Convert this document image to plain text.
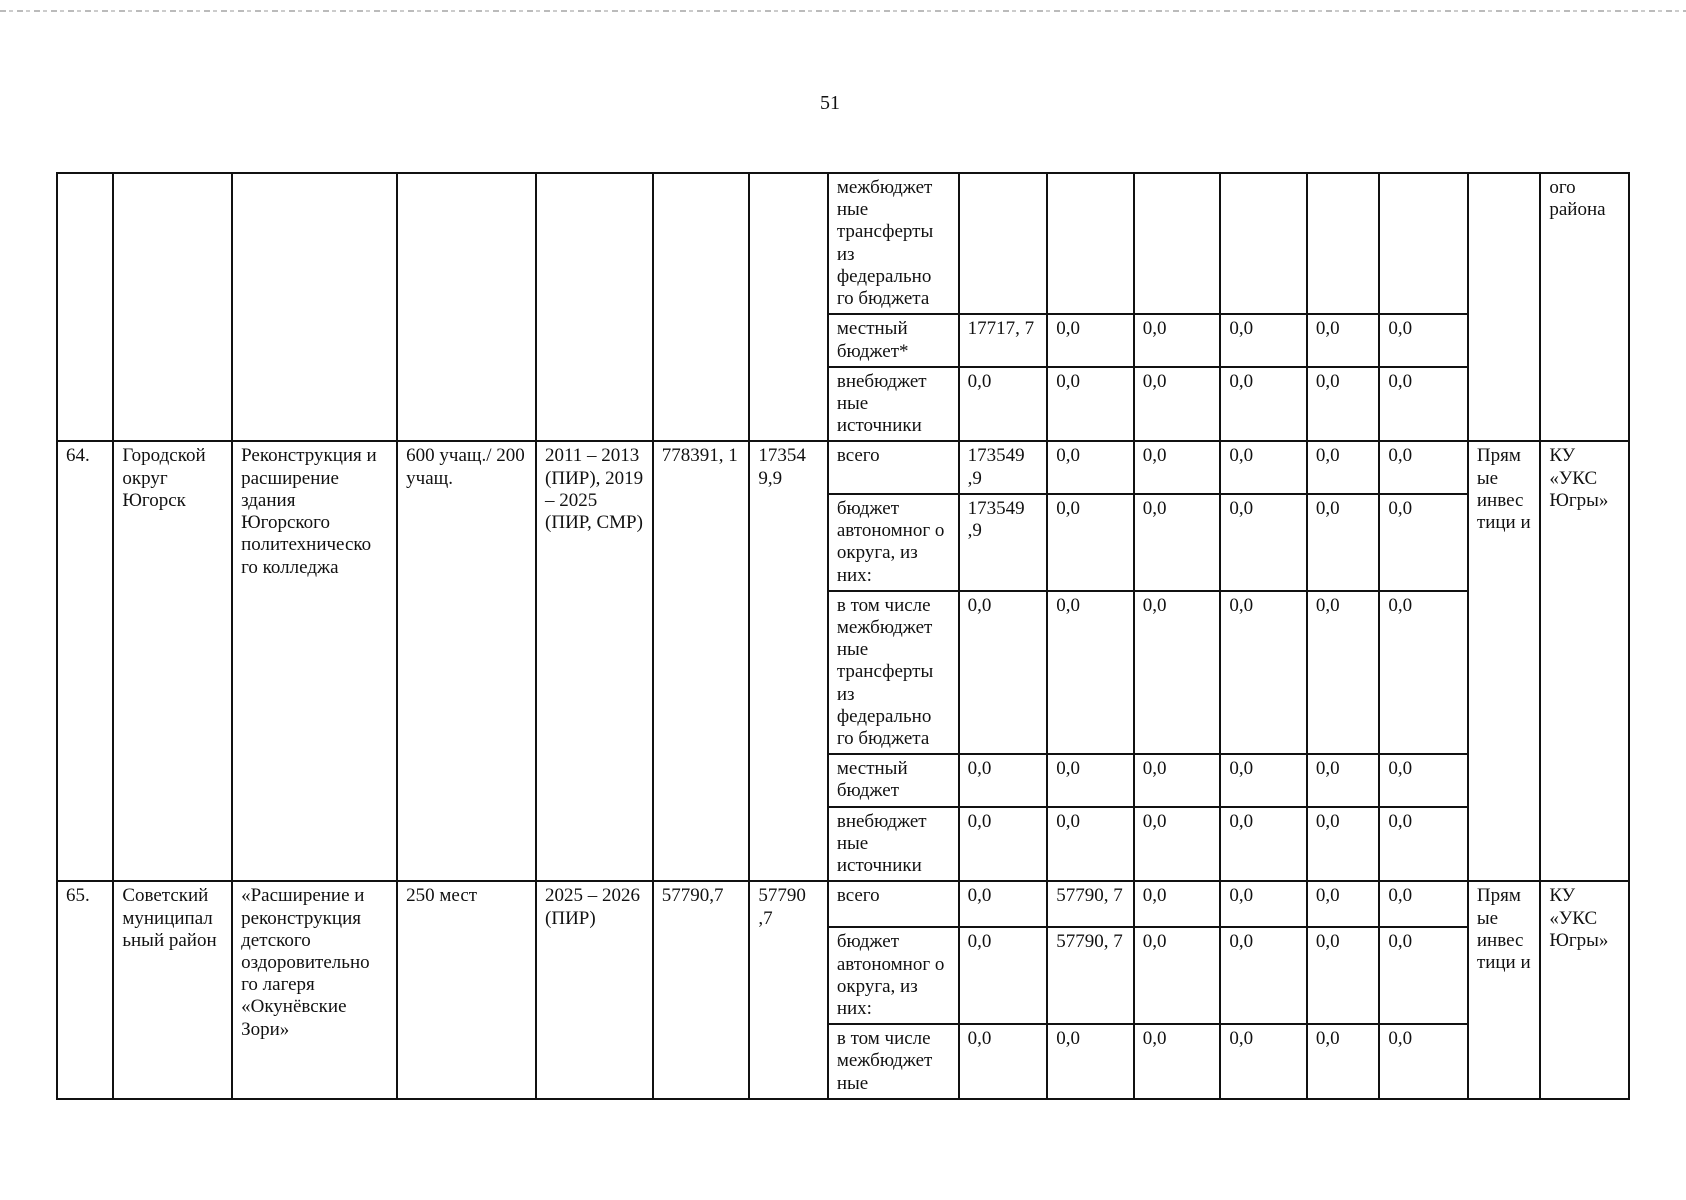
51
							межбюджет ные трансферты из федерально го бюджета								ого района
							местный бюджет*	17717, 7	0,0	0,0	0,0	0,0	0,0		
							внебюджет ные источники	0,0	0,0	0,0	0,0	0,0	0,0		
64.	Городской округ Югорск	Реконструкция и расширение здания Югорского политехническо го колледжа	600 учащ./ 200 учащ.	2011 – 2013 (ПИР), 2019 – 2025 (ПИР, СМР)	778391, 1	17354 9,9	всего	173549 ,9	0,0	0,0	0,0	0,0	0,0	Прям ые инвес тици и	КУ «УКС Югры»
							бюджет автономног о округа, из них:	173549 ,9	0,0	0,0	0,0	0,0	0,0		
							в том числе межбюджет ные трансферты из федерально го бюджета	0,0	0,0	0,0	0,0	0,0	0,0		
							местный бюджет	0,0	0,0	0,0	0,0	0,0	0,0		
							внебюджет ные источники	0,0	0,0	0,0	0,0	0,0	0,0		
65.	Советский муниципал ьный район	«Расширение и реконструкция детского оздоровительно го лагеря «Окунёвские Зори»	250 мест	2025 – 2026 (ПИР)	57790,7	57790 ,7	всего	0,0	57790, 7	0,0	0,0	0,0	0,0	Прям ые инвес тици и	КУ «УКС Югры»
							бюджет автономног о округа, из них:	0,0	57790, 7	0,0	0,0	0,0	0,0		
							в том числе межбюджет ные	0,0	0,0	0,0	0,0	0,0	0,0		
